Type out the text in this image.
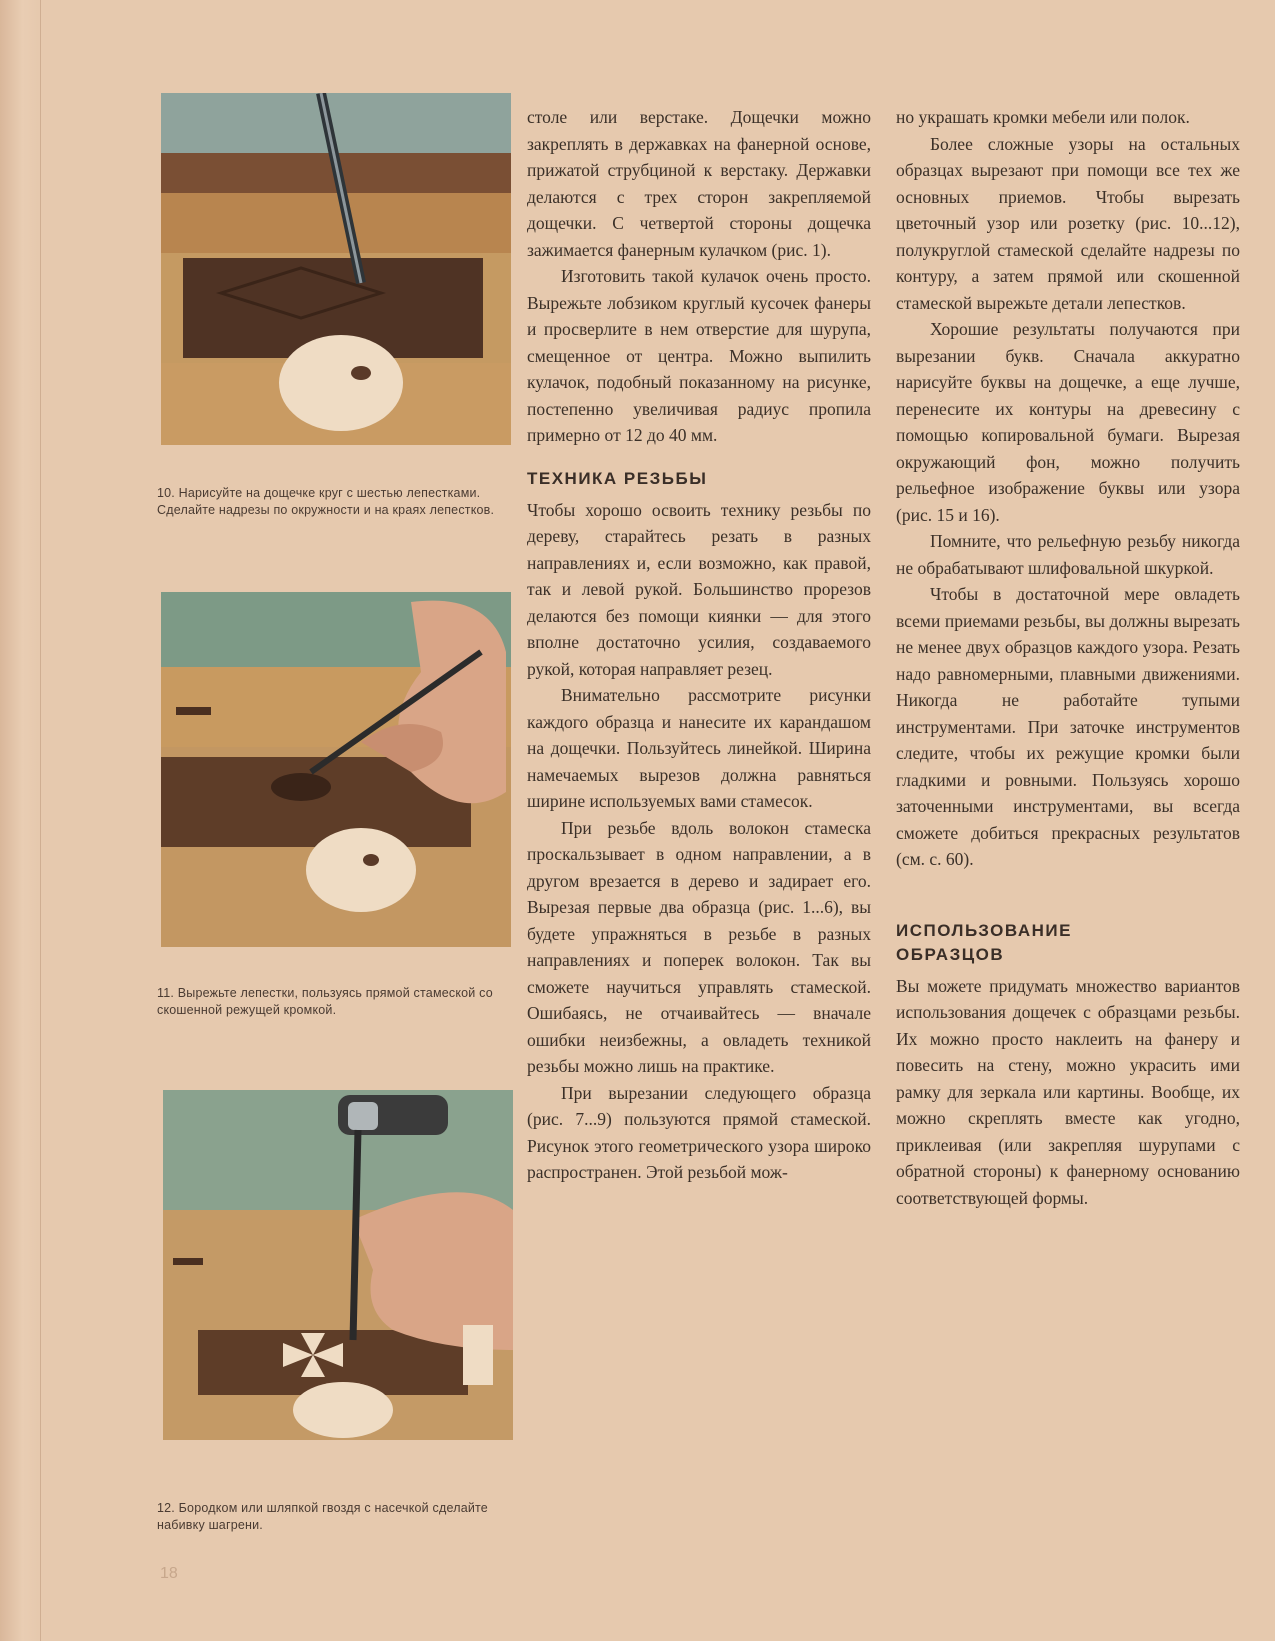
10. Нарисуйте на дощечке круг с шестью лепестками. Сделайте надрезы по окружности и на краях лепестков.
11. Вырежьте лепестки, пользуясь прямой стамеской со скошенной режущей кромкой.
12. Бородком или шляпкой гвоздя с насечкой сделайте набивку шагрени.

столе или верстаке. Дощечки можно закреплять в державках на фанерной основе, прижатой струбциной к верстаку. Державки делаются с трех сторон закрепляемой дощечки. С четвертой стороны дощечка зажимается фанерным кулачком (рис. 1).

Изготовить такой кулачок очень просто. Вырежьте лобзиком круглый кусочек фанеры и просверлите в нем отверстие для шурупа, смещенное от центра. Можно выпилить кулачок, подобный показанному на рисунке, постепенно увеличивая радиус пропила примерно от 12 до 40 мм.

ТЕХНИКА РЕЗЬБЫ

Чтобы хорошо освоить технику резьбы по дереву, старайтесь резать в разных направлениях и, если возможно, как правой, так и левой рукой. Большинство прорезов делаются без помощи киянки — для этого вполне достаточно усилия, создаваемого рукой, которая направляет резец.

Внимательно рассмотрите рисунки каждого образца и нанесите их карандашом на дощечки. Пользуйтесь линейкой. Ширина намечаемых вырезов должна равняться ширине используемых вами стамесок.

При резьбе вдоль волокон стамеска проскальзывает в одном направлении, а в другом врезается в дерево и задирает его. Вырезая первые два образца (рис. 1...6), вы будете упражняться в резьбе в разных направлениях и поперек волокон. Так вы сможете научиться управлять стамеской. Ошибаясь, не отчаивайтесь — вначале ошибки неизбежны, а овладеть техникой резьбы можно лишь на практике.

При вырезании следующего образца (рис. 7...9) пользуются прямой стамеской. Рисунок этого геометрического узора широко распространен. Этой резьбой мож-

но украшать кромки мебели или полок.

Более сложные узоры на остальных образцах вырезают при помощи все тех же основных приемов. Чтобы вырезать цветочный узор или розетку (рис. 10...12), полукруглой стамеской сделайте надрезы по контуру, а затем прямой или скошенной стамеской вырежьте детали лепестков.

Хорошие результаты получаются при вырезании букв. Сначала аккуратно нарисуйте буквы на дощечке, а еще лучше, перенесите их контуры на древесину с помощью копировальной бумаги. Вырезая окружающий фон, можно получить рельефное изображение буквы или узора (рис. 15 и 16).

Помните, что рельефную резьбу никогда не обрабатывают шлифовальной шкуркой.

Чтобы в достаточной мере овладеть всеми приемами резьбы, вы должны вырезать не менее двух образцов каждого узора. Резать надо равномерными, плавными движениями. Никогда не работайте тупыми инструментами. При заточке инструментов следите, чтобы их режущие кромки были гладкими и ровными. Пользуясь хорошо заточенными инструментами, вы всегда сможете добиться прекрасных результатов (см. с. 60).

ИСПОЛЬЗОВАНИЕ ОБРАЗЦОВ

Вы можете придумать множество вариантов использования дощечек с образцами резьбы. Их можно просто наклеить на фанеру и повесить на стену, можно украсить ими рамку для зеркала или картины. Вообще, их можно скреплять вместе как угодно, приклеивая (или закрепляя шурупами с обратной стороны) к фанерному основанию соответствующей формы.

18
